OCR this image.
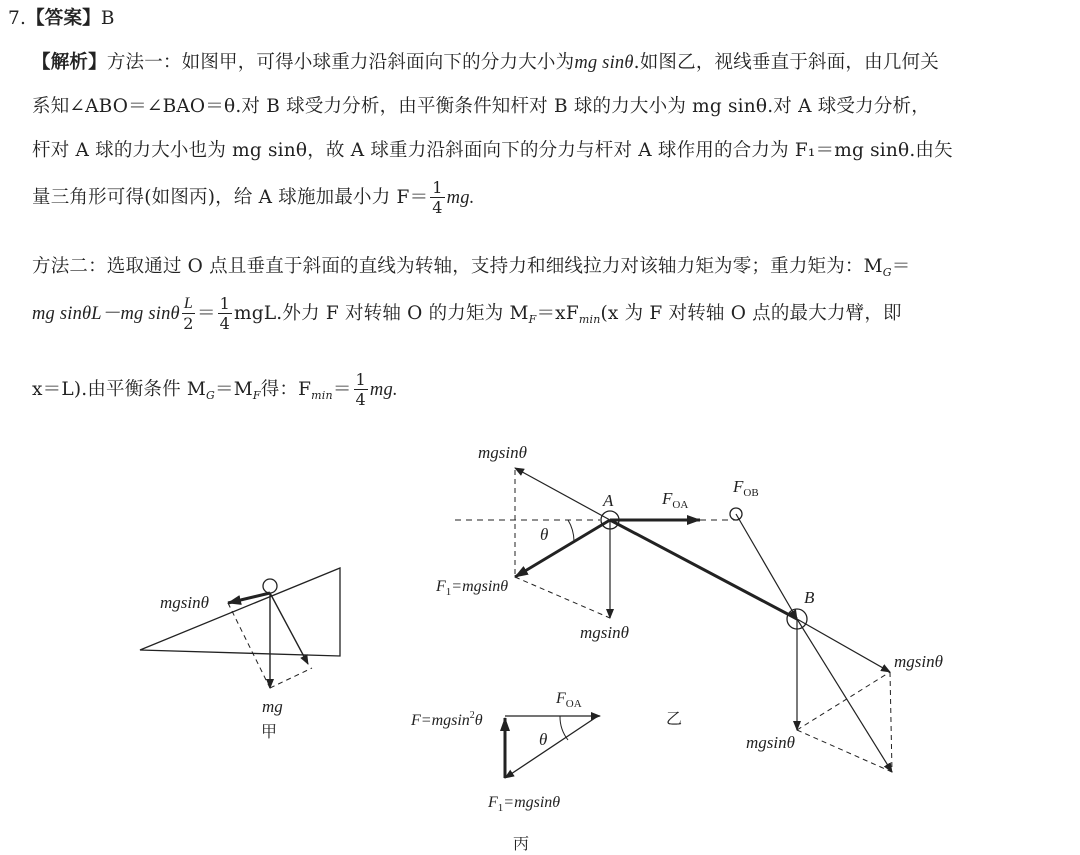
7.【答案】B
【解析】方法一：如图甲，可得小球重力沿斜面向下的分力大小为mg sinθ.如图乙，视线垂直于斜面，由几何关
系知∠ABO＝∠BAO＝θ.对 B 球受力分析，由平衡条件知杆对 B 球的力大小为 mg sinθ.对 A 球受力分析，
杆对 A 球的力大小也为 mg sinθ，故 A 球重力沿斜面向下的分力与杆对 A 球作用的合力为 F₁＝mg sinθ.由矢
量三角形可得(如图丙)，给 A 球施加最小力 $F= \frac{1}{4}$ mg.
方法二：选取通过 O 点且垂直于斜面的直线为转轴，支持力和细线拉力对该轴力矩为零；重力矩为：$M_G=$
mg sinθL－mg sinθ $\frac{L}{2} = \frac{1}{4}$ mgL.外力 F 对转轴 O 的力矩为 $M_F=xF_{min}(x$ 为 F 对转轴 O 点的最大力臂，即
x＝L).由平衡条件 $M_G=M_F$得：$F_{min}= \frac{1}{4}$ mg.
mgsinθ
mg
甲
mgsinθ
A	$F_{OA}$
$F_{OB}$
θ
$F_1=mgsin\theta$
mgsinθ
B
mgsinθ
mgsinθ
乙
F=mgsin$^2$θ
$F_{OA}$
θ
$F_1=mgsin\theta$
丙
